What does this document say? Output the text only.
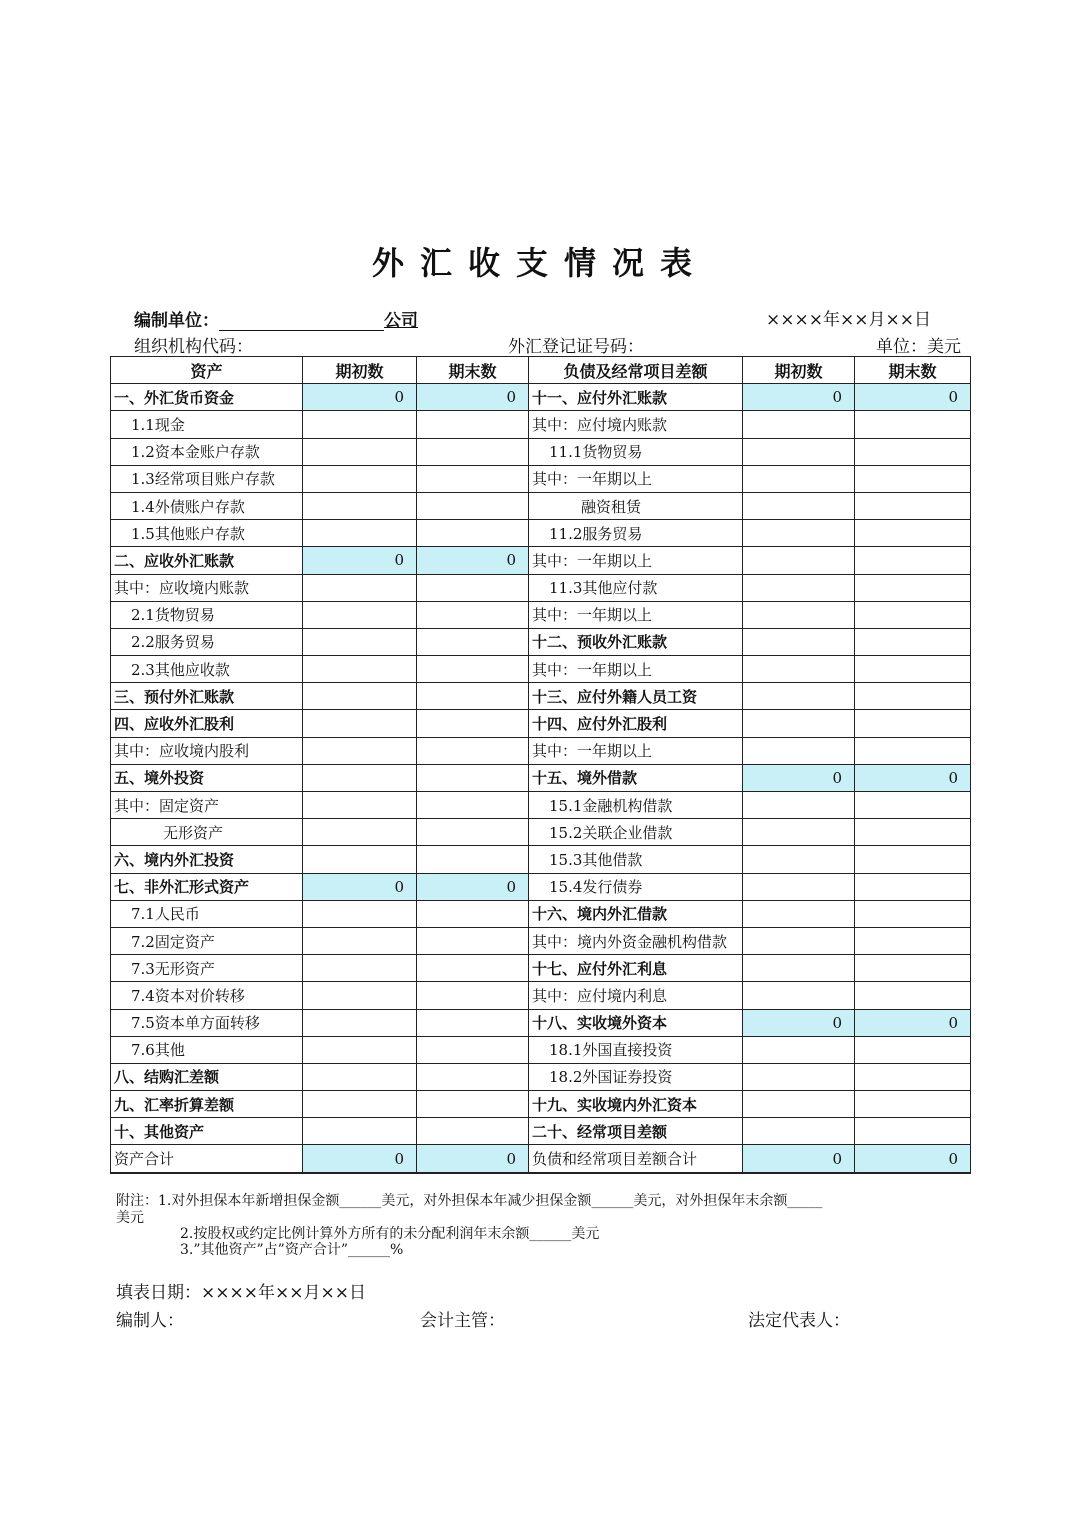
外汇收支情况表
编制单位：	公司	××××年××月××日
组织机构代码：	外汇登记证号码：	单位：美元
资产	期初数	期末数	负债及经常项目差额	期初数	期末数
一、外汇货币资金	0	0	十一、应付外汇账款	0	0
1.1现金			其中：应付境内账款		
1.2资本金账户存款			11.1货物贸易		
1.3经常项目账户存款			其中：一年期以上		
1.4外债账户存款			融资租赁		
1.5其他账户存款			11.2服务贸易		
二、应收外汇账款	0	0	其中：一年期以上		
其中：应收境内账款			11.3其他应付款		
2.1货物贸易			其中：一年期以上		
2.2服务贸易			十二、预收外汇账款		
2.3其他应收款			其中：一年期以上		
三、预付外汇账款			十三、应付外籍人员工资		
四、应收外汇股利			十四、应付外汇股利		
其中：应收境内股利			其中：一年期以上		
五、境外投资			十五、境外借款	0	0
其中：固定资产			15.1金融机构借款		
无形资产			15.2关联企业借款		
六、境内外汇投资			15.3其他借款		
七、非外汇形式资产	0	0	15.4发行债券		
7.1人民币			十六、境内外汇借款		
7.2固定资产			其中：境内外资金融机构借款		
7.3无形资产			十七、应付外汇利息		
7.4资本对价转移			其中：应付境内利息		
7.5资本单方面转移			十八、实收境外资本	0	0
7.6其他			18.1外国直接投资		
八、结购汇差额			18.2外国证券投资		
九、汇率折算差额			十九、实收境内外汇资本		
十、其他资产			二十、经常项目差额		
资产合计	0	0	负债和经常项目差额合计	0	0
附注：1.对外担保本年新增担保金额______美元，对外担保本年减少担保金额______美元，对外担保年末余额_____
美元
2.按股权或约定比例计算外方所有的未分配利润年末余额______美元
3.”其他资产”占”资产合计”______%
填表日期：××××年××月××日
编制人：	会计主管：	法定代表人：
